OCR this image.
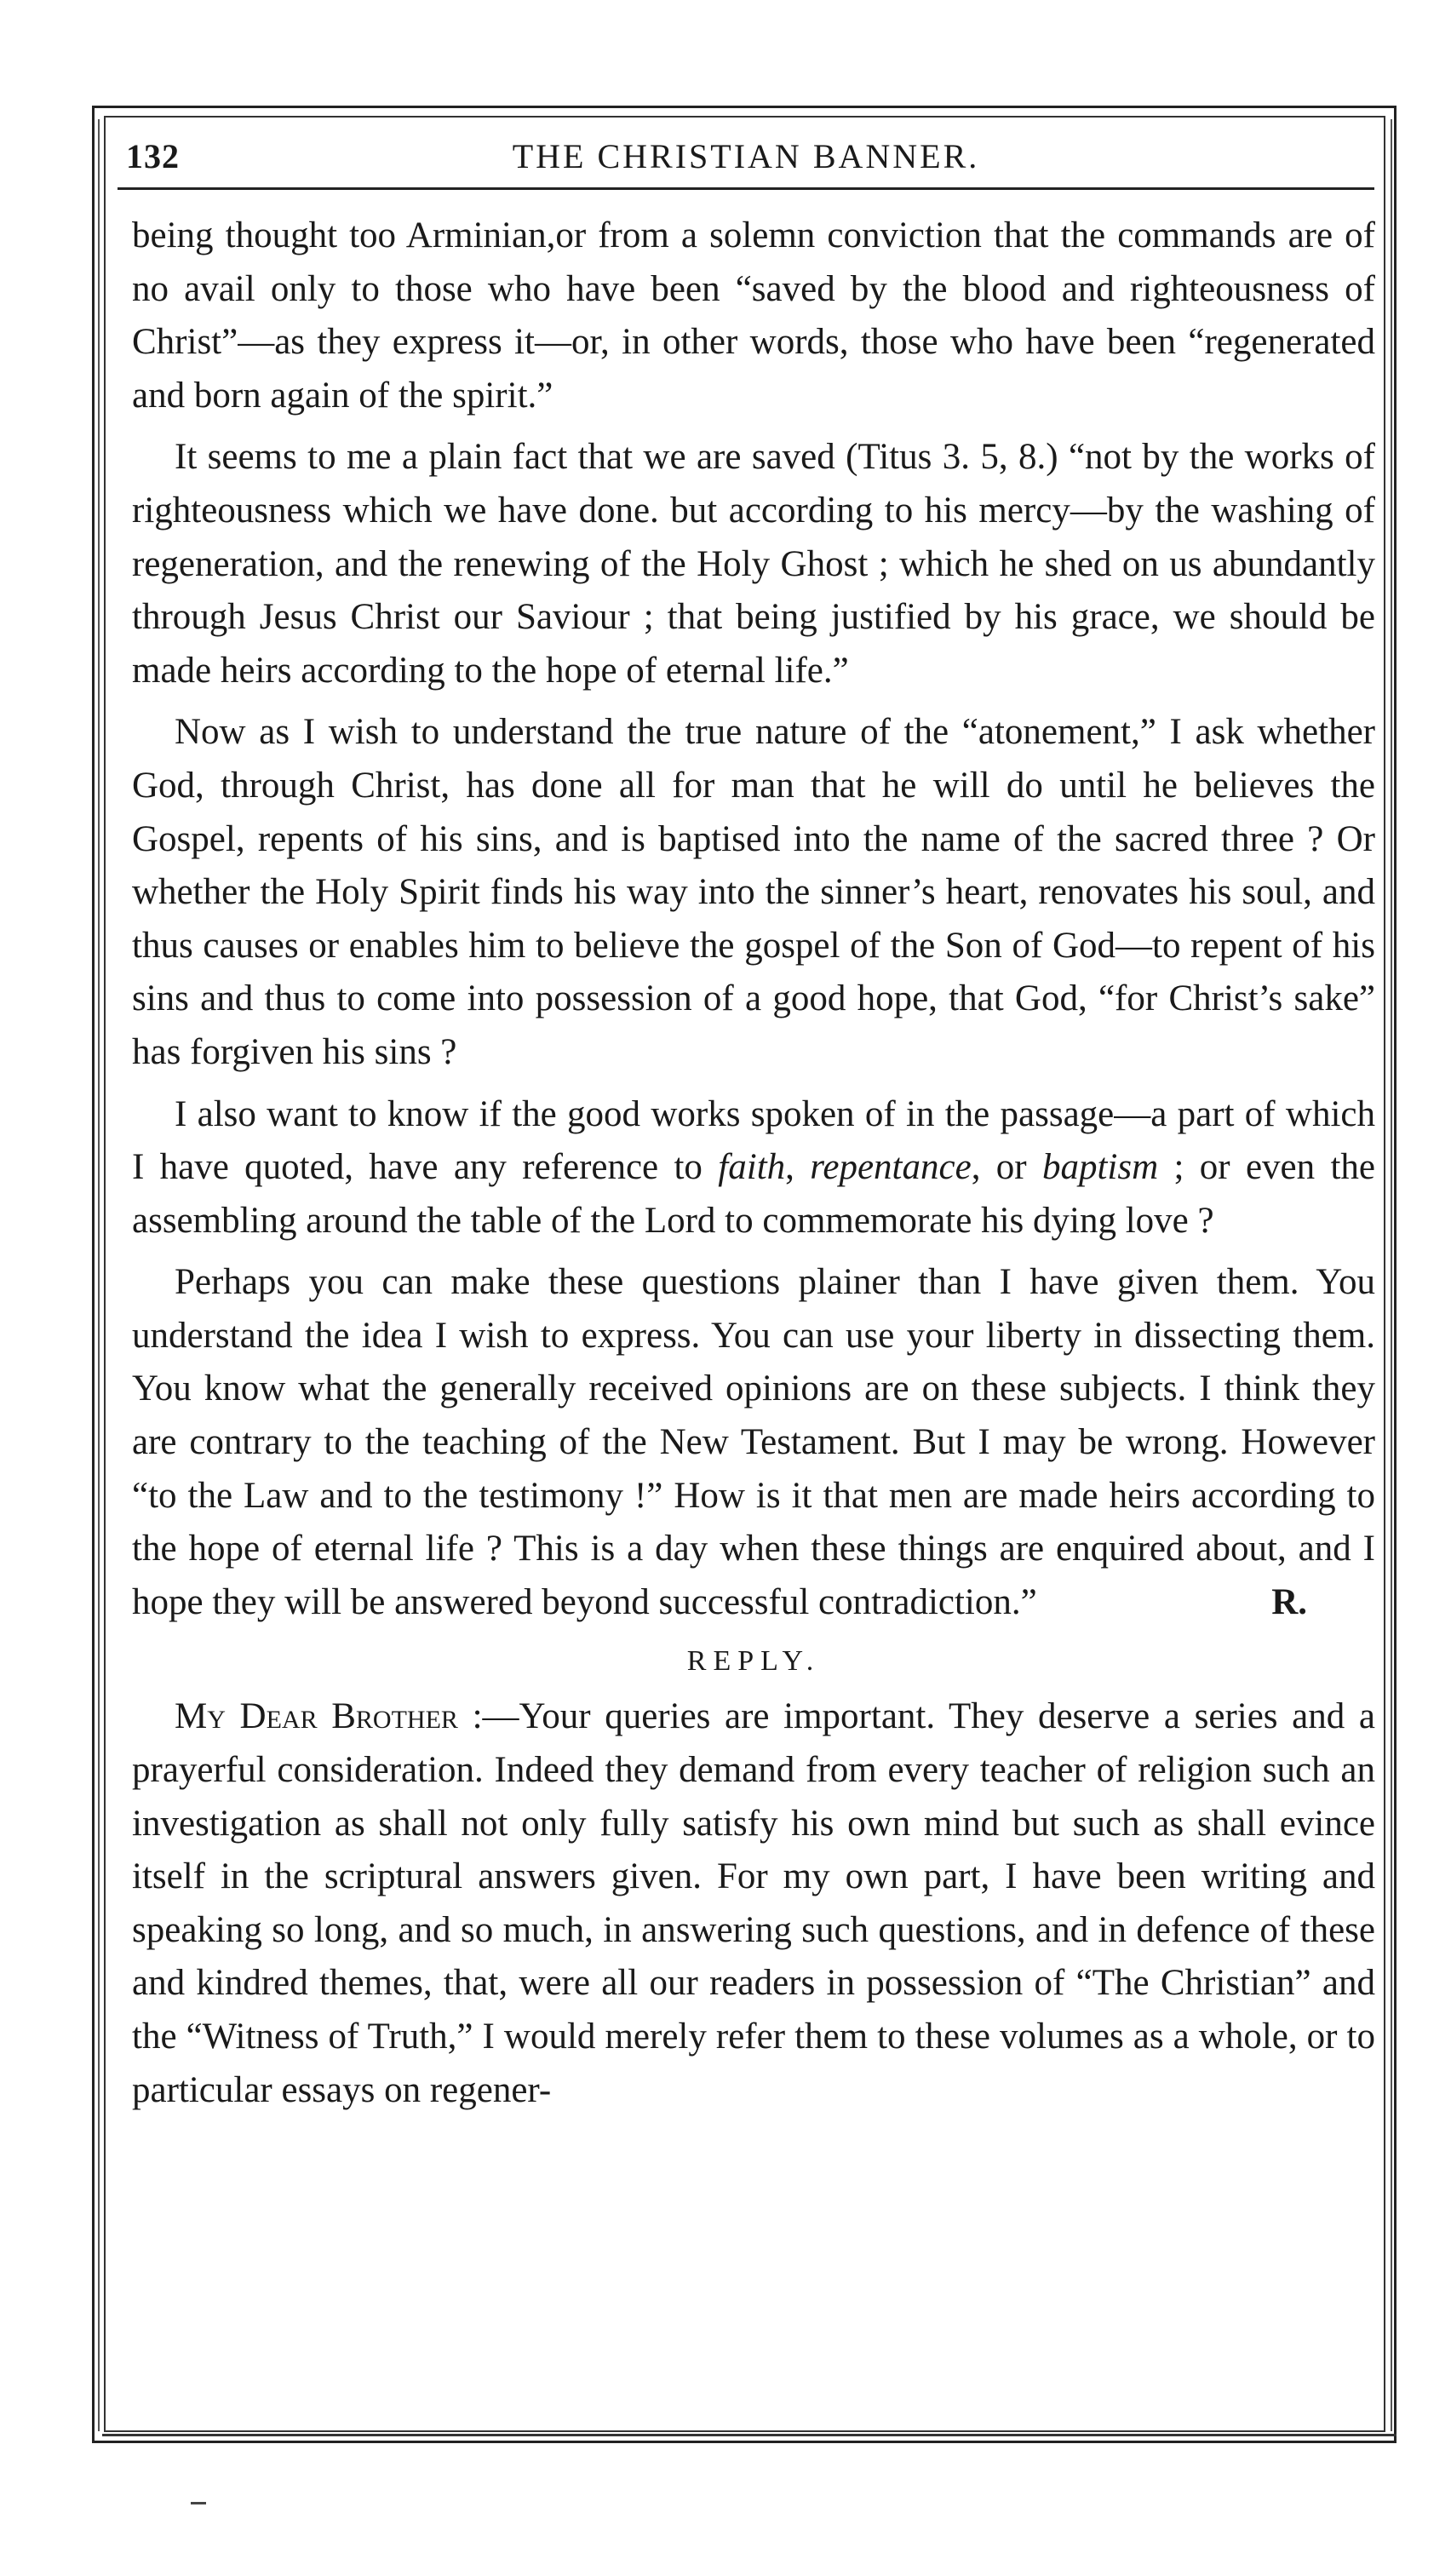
132	THE CHRISTIAN BANNER.

being thought too Arminian,or from a solemn conviction that the commands are of no avail only to those who have been “saved by the blood and righteousness of Christ”—as they express it—or, in other words, those who have been “regenerated and born again of the spirit.”

It seems to me a plain fact that we are saved (Titus 3. 5, 8.) “not by the works of righteousness which we have done. but according to his mercy—by the washing of regeneration, and the renewing of the Holy Ghost ; which he shed on us abundantly through Jesus Christ our Saviour ; that being justified by his grace, we should be made heirs according to the hope of eternal life.”

Now as I wish to understand the true nature of the “atonement,” I ask whether God, through Christ, has done all for man that he will do until he believes the Gospel, repents of his sins, and is baptised into the name of the sacred three ? Or whether the Holy Spirit finds his way into the sinner’s heart, renovates his soul, and thus causes or enables him to believe the gospel of the Son of God—to repent of his sins and thus to come into possession of a good hope, that God, “for Christ’s sake” has forgiven his sins ?

I also want to know if the good works spoken of in the passage—a part of which I have quoted, have any reference to faith, repentance, or baptism ; or even the assembling around the table of the Lord to commemorate his dying love ?

Perhaps you can make these questions plainer than I have given them. You understand the idea I wish to express. You can use your liberty in dissecting them. You know what the generally received opinions are on these subjects. I think they are contrary to the teaching of the New Testament. But I may be wrong. However “to the Law and to the testimony !” How is it that men are made heirs according to the hope of eternal life ? This is a day when these things are enquired about, and I hope they will be answered beyond successful contradiction.”	R.

REPLY.

My Dear Brother :—Your queries are important. They deserve a series and a prayerful consideration. Indeed they demand from every teacher of religion such an investigation as shall not only fully satisfy his own mind but such as shall evince itself in the scriptural answers given. For my own part, I have been writing and speaking so long, and so much, in answering such questions, and in defence of these and kindred themes, that, were all our readers in possession of “The Christian” and the “Witness of Truth,” I would merely refer them to these volumes as a whole, or to particular essays on regener-
